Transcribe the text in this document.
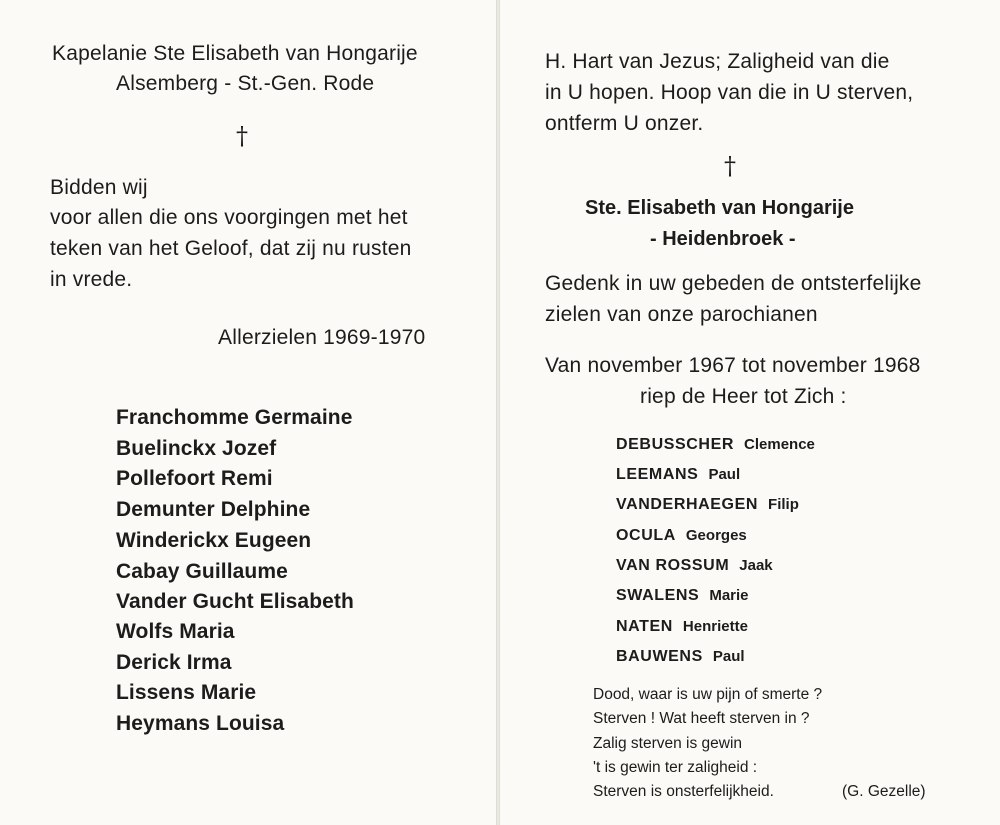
Kapelanie Ste Elisabeth van Hongarije
Alsemberg - St.-Gen. Rode
†
Bidden wij
voor allen die ons voorgingen met het
teken van het Geloof, dat zij nu rusten
in vrede.
Allerzielen 1969-1970
Franchomme Germaine
Buelinckx Jozef
Pollefoort Remi
Demunter Delphine
Winderickx Eugeen
Cabay Guillaume
Vander Gucht Elisabeth
Wolfs Maria
Derick Irma
Lissens Marie
Heymans Louisa
H. Hart van Jezus; Zaligheid van die
in U hopen. Hoop van die in U sterven,
ontferm U onzer.
†
Ste. Elisabeth van Hongarije
- Heidenbroek -
Gedenk in uw gebeden de ontsterfelijke
zielen van onze parochianen
Van november 1967 tot november 1968
riep de Heer tot Zich :
DEBUSSCHER Clemence
LEEMANS Paul
VANDERHAEGEN Filip
OCULA Georges
VAN ROSSUM Jaak
SWALENS Marie
NATEN Henriette
BAUWENS Paul
Dood, waar is uw pijn of smerte ?
Sterven ! Wat heeft sterven in ?
Zalig sterven is gewin
't is gewin ter zaligheid :
Sterven is onsterfelijkheid.	(G. Gezelle)
